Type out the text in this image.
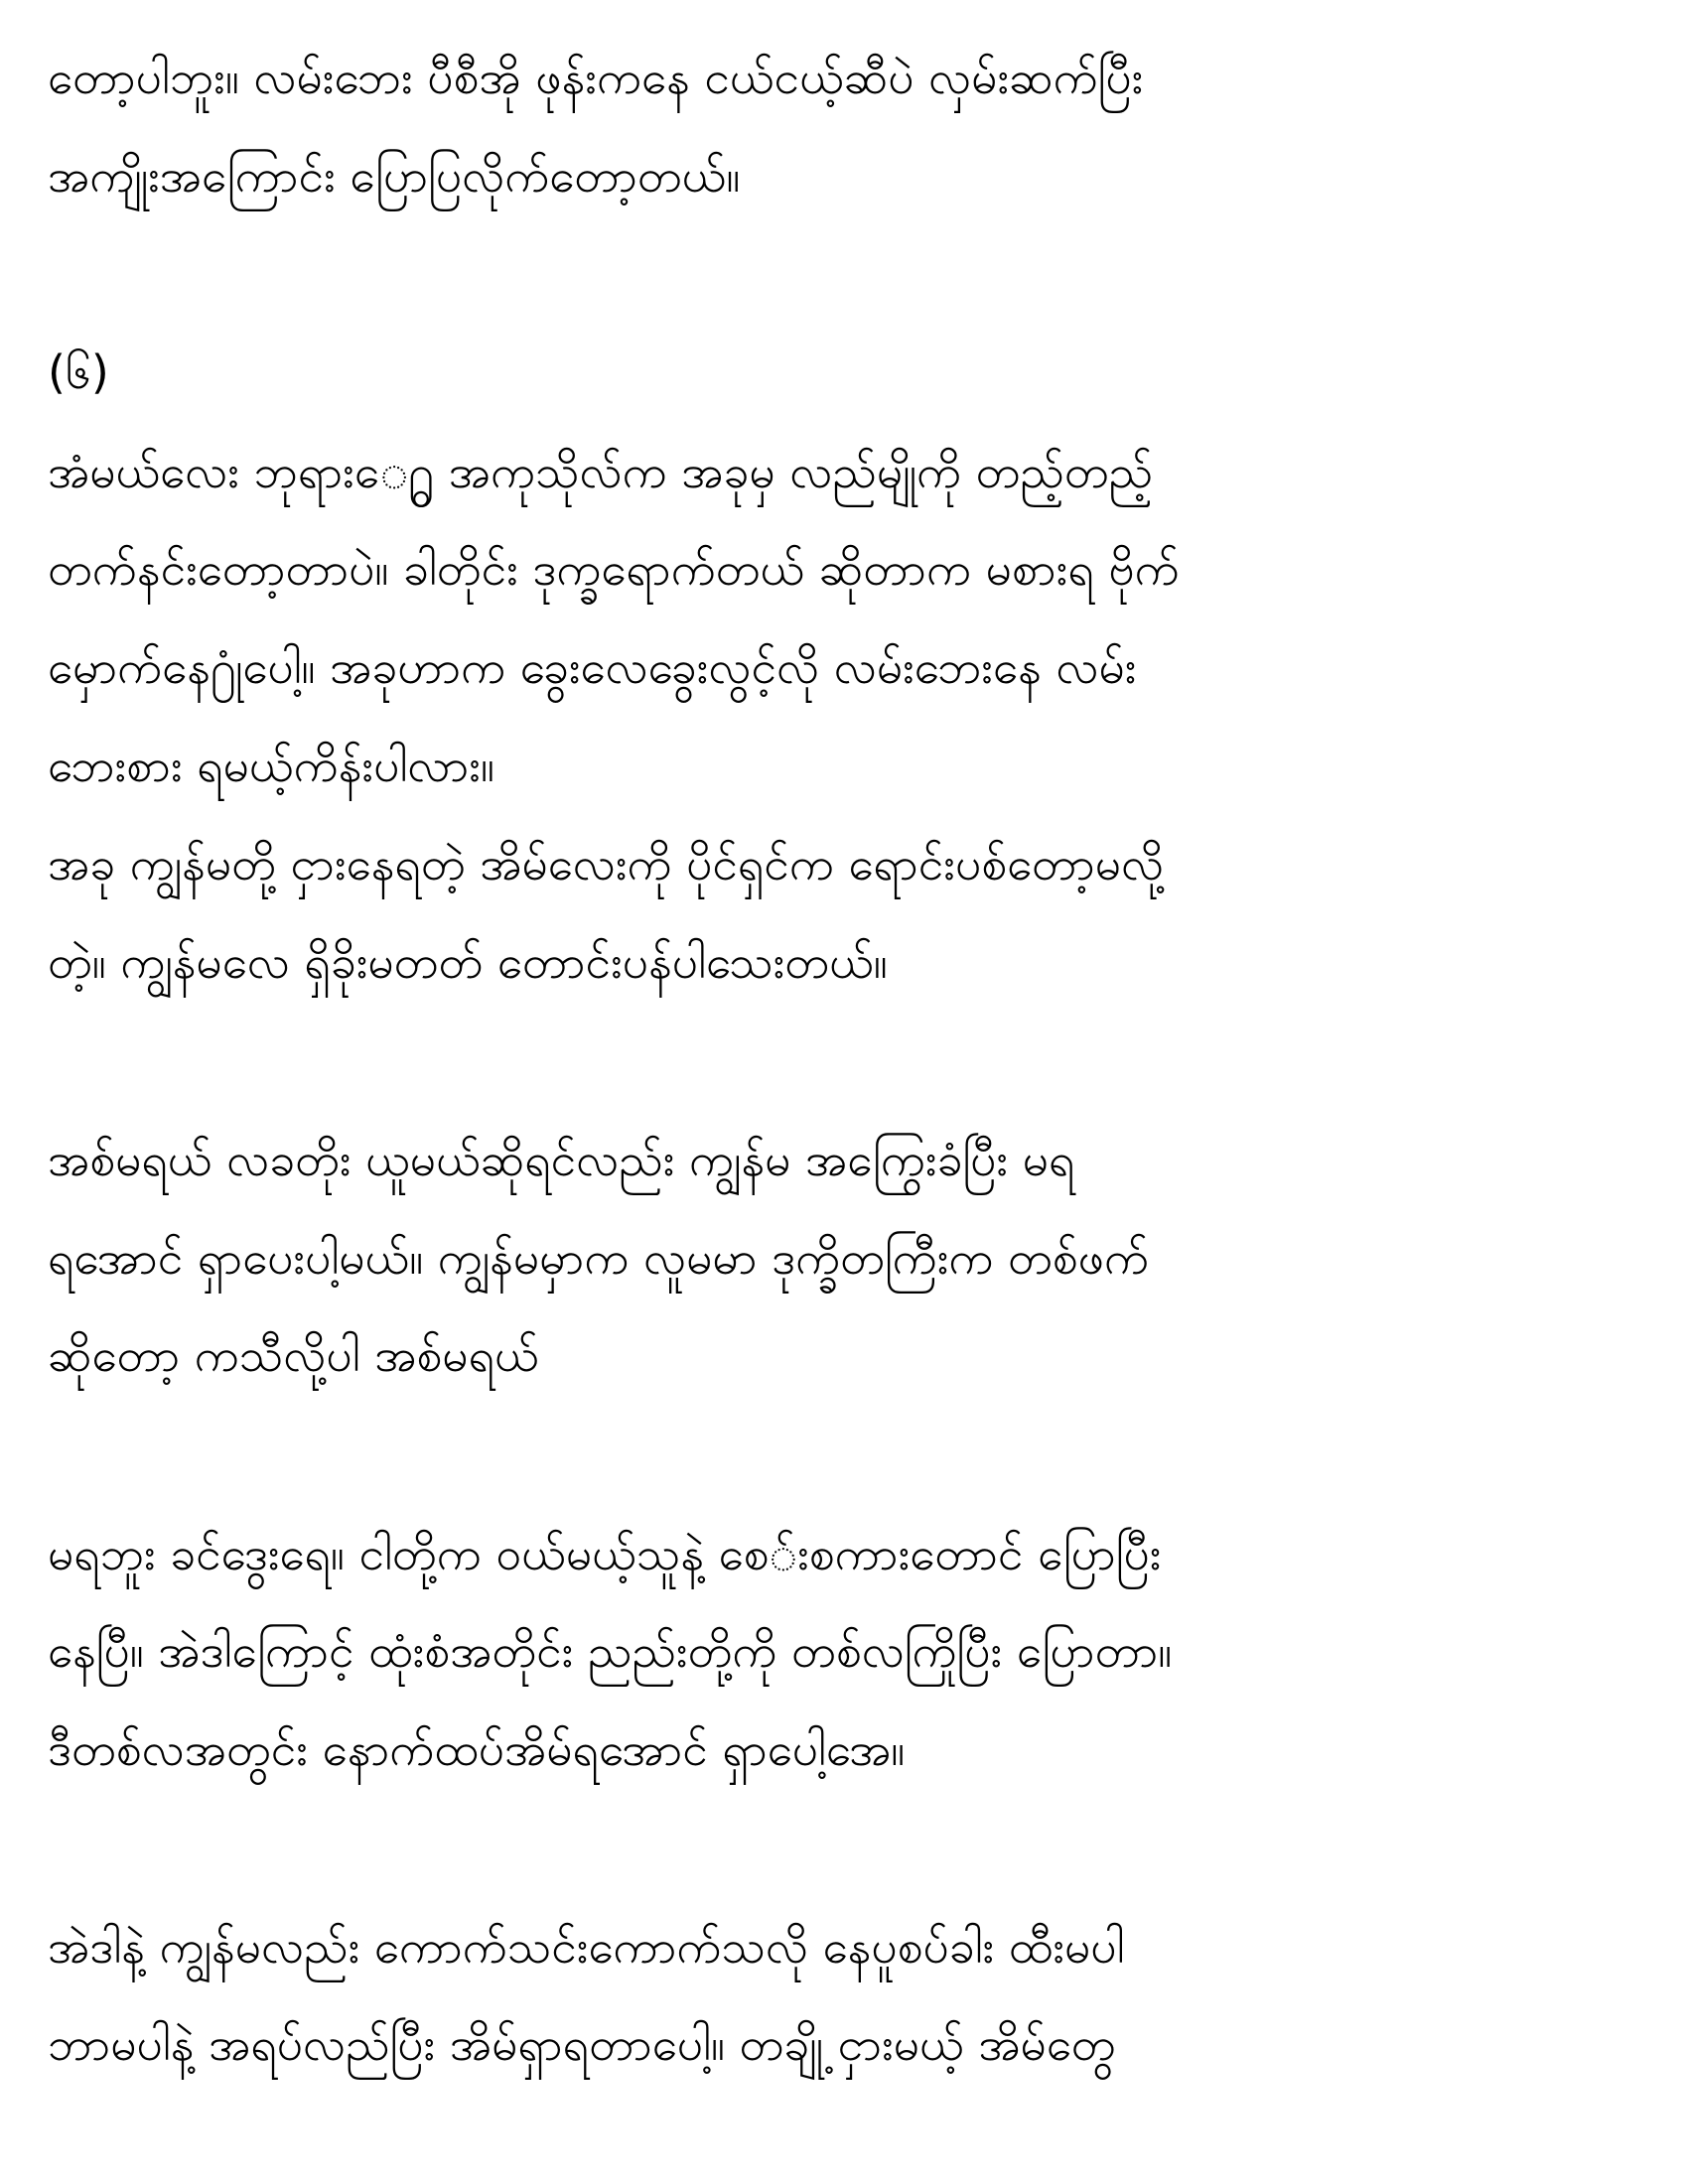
တော့ပါဘူး။ လမ်းဘေး ပီစီအို ဖုန်းကနေ ငယ်ငယ့်ဆီပဲ လှမ်းဆက်ပြီး
အကျိုးအကြောင်း ပြောပြလိုက်တော့တယ်။
(၆)
အံမယ်လေး ဘုရားေ႐ွ အကုသိုလ်က အခုမှ လည်မျိုကို တည့်တည့်
တက်နင်းတော့တာပဲ။ ခါတိုင်း ဒုက္ခရောက်တယ် ဆိုတာက မစားရ ဗိုက်
မှောက်နေ႐ုံပေါ့။ အခုဟာက ခွေးလေခွေးလွင့်လို လမ်းဘေးနေ လမ်း
ဘေးစား ရမယ့်ကိန်းပါလား။
အခု ကျွန်မတို့ ငှားနေရတဲ့ အိမ်လေးကို ပိုင်ရှင်က ရောင်းပစ်တော့မလို့
တဲ့။ ကျွန်မလေ ရှိခိုးမတတ် တောင်းပန်ပါသေးတယ်။
အစ်မရယ် လခတိုး ယူမယ်ဆိုရင်လည်း ကျွန်မ အကြွေးခံပြီး မရ
ရအောင် ရှာပေးပါ့မယ်။ ကျွန်မမှာက လူမမာ ဒုက္ခိတကြီးက တစ်ဖက်
ဆိုတော့ ကသီလို့ပါ အစ်မရယ်
မရဘူး ခင်ဒွေးရေ။ ငါတို့က ဝယ်မယ့်သူနဲ့ စေ်းစကားတောင် ပြောပြီး
နေပြီ။ အဲဒါကြောင့် ထုံးစံအတိုင်း ညည်းတို့ကို တစ်လကြိုပြီး ပြောတာ။
ဒီတစ်လအတွင်း နောက်ထပ်အိမ်ရအောင် ရှာပေါ့အေ။
အဲဒါနဲ့ ကျွန်မလည်း ကောက်သင်းကောက်သလို နေပူစပ်ခါး ထီးမပါ
ဘာမပါနဲ့ အရပ်လည်ပြီး အိမ်ရှာရတာပေါ့။ တချို့ ငှားမယ့် အိမ်တွေ
